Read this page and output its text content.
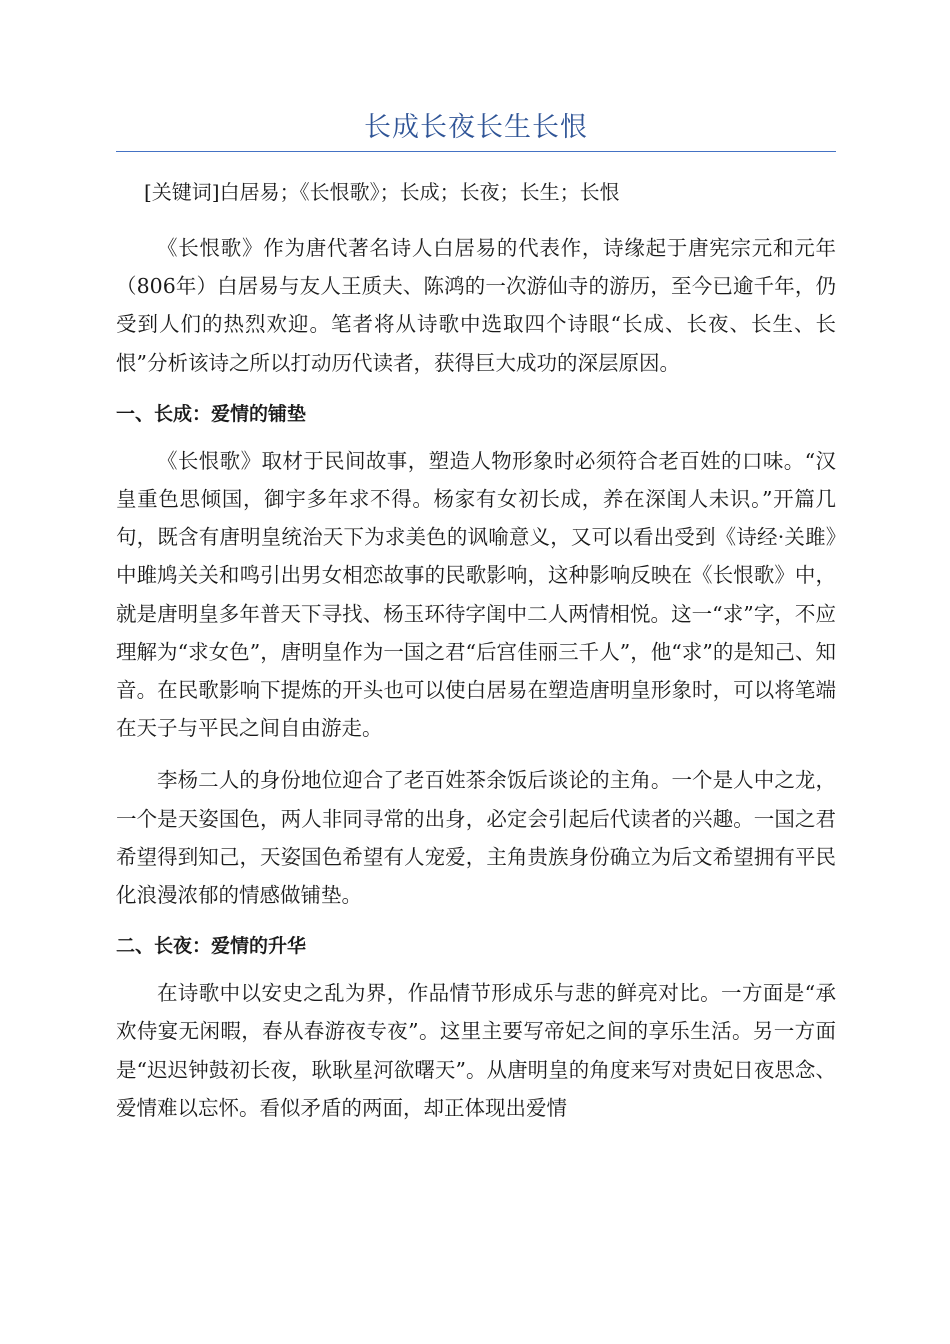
长成长夜长生长恨

[关键词]白居易；《长恨歌》；长成；长夜；长生；长恨

《长恨歌》作为唐代著名诗人白居易的代表作，诗缘起于唐宪宗元和元年（806年）白居易与友人王质夫、陈鸿的一次游仙寺的游历，至今已逾千年，仍受到人们的热烈欢迎。笔者将从诗歌中选取四个诗眼“长成、长夜、长生、长恨”分析该诗之所以打动历代读者，获得巨大成功的深层原因。

一、长成：爱情的铺垫

《长恨歌》取材于民间故事，塑造人物形象时必须符合老百姓的口味。“汉皇重色思倾国，御宇多年求不得。杨家有女初长成，养在深闺人未识。”开篇几句，既含有唐明皇统治天下为求美色的讽喻意义，又可以看出受到《诗经·关雎》中雎鸠关关和鸣引出男女相恋故事的民歌影响，这种影响反映在《长恨歌》中，就是唐明皇多年普天下寻找、杨玉环待字闺中二人两情相悦。这一“求”字，不应理解为“求女色”，唐明皇作为一国之君“后宫佳丽三千人”，他“求”的是知己、知音。在民歌影响下提炼的开头也可以使白居易在塑造唐明皇形象时，可以将笔端在天子与平民之间自由游走。

李杨二人的身份地位迎合了老百姓茶余饭后谈论的主角。一个是人中之龙，一个是天姿国色，两人非同寻常的出身，必定会引起后代读者的兴趣。一国之君希望得到知己，天姿国色希望有人宠爱，主角贵族身份确立为后文希望拥有平民化浪漫浓郁的情感做铺垫。

二、长夜：爱情的升华

在诗歌中以安史之乱为界，作品情节形成乐与悲的鲜亮对比。一方面是“承欢侍宴无闲暇，春从春游夜专夜”。这里主要写帝妃之间的享乐生活。另一方面是“迟迟钟鼓初长夜，耿耿星河欲曙天”。从唐明皇的角度来写对贵妃日夜思念、爱情难以忘怀。看似矛盾的两面，却正体现出爱情
